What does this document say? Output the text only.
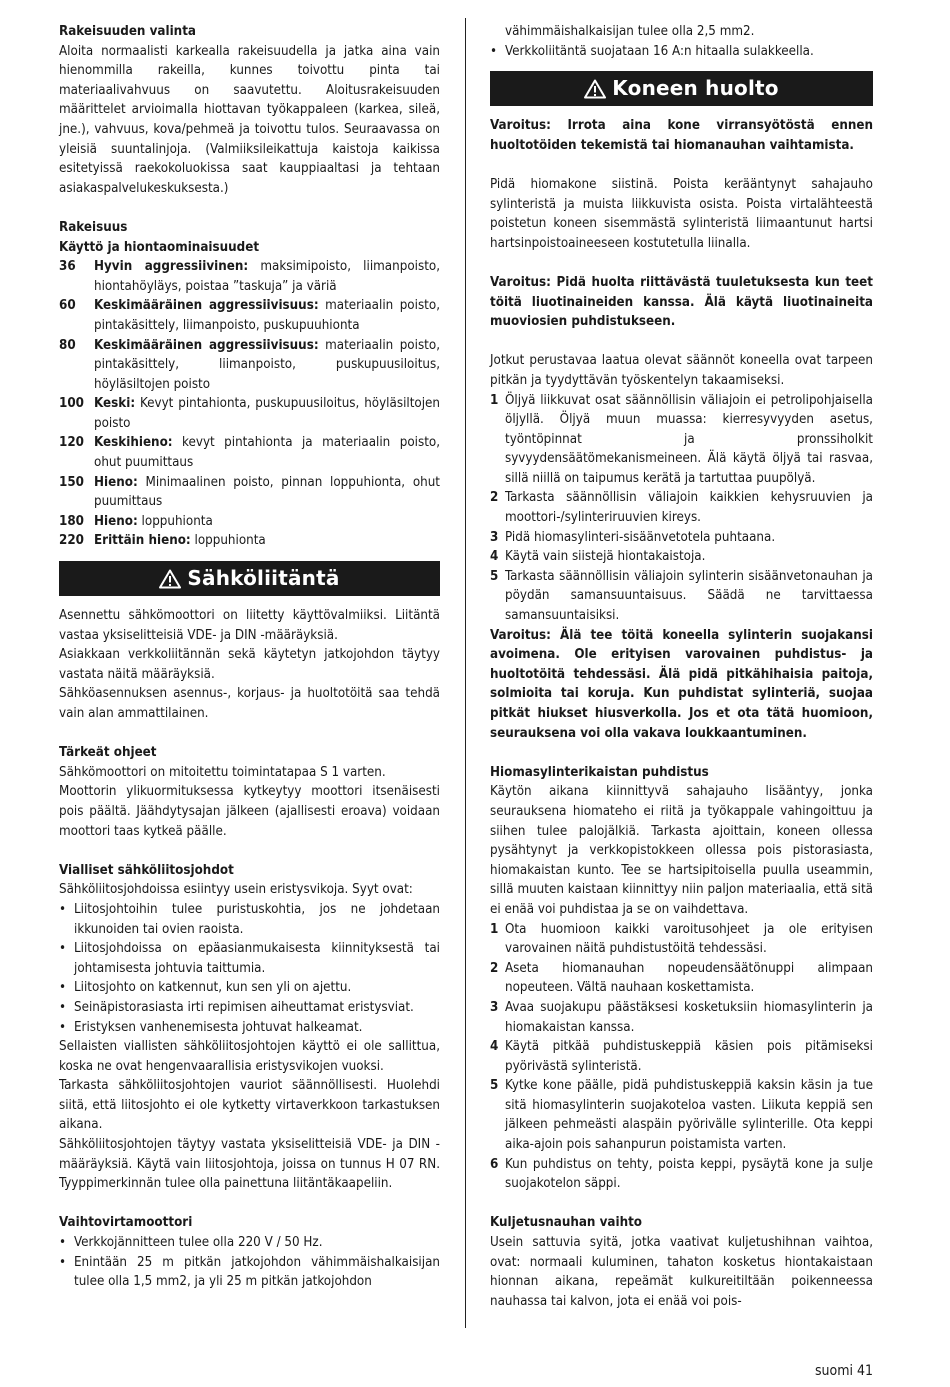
Rakeisuuden valinta

Aloita normaalisti karkealla rakeisuudella ja jatka aina vain hienommilla rakeilla, kunnes toivottu pinta tai materiaalivahvuus on saavutettu. Aloitusrakeisuuden määrittelet arvioimalla hiottavan työkappaleen (karkea, sileä, jne.), vahvuus, kova/pehmeä ja toivottu tulos. Seuraavassa on yleisiä suuntalinjoja. (Valmiiksileikattuja kaistoja kaikissa esitetyissä raekokoluokissa saat kauppiaaltasi ja tehtaan asiakaspalvelukeskuksesta.)

Rakeisuus

Käyttö ja hiontaominaisuudet

36	Hyvin aggressiivinen: maksimipoisto, liimanpoisto, hiontahöyläys, poistaa ”taskuja” ja väriä
60	Keskimääräinen aggressiivisuus: materiaalin poisto, pintakäsittely, liimanpoisto, puskupuuhionta
80	Keskimääräinen aggressiivisuus: materiaalin poisto, pintakäsittely, liimanpoisto, puskupuusiloitus, höyläsiltojen poisto
100 Keski: Kevyt pintahionta, puskupuusiloitus, höyläsiltojen poisto
120 Keskihieno: kevyt pintahionta ja materiaalin poisto, ohut puumittaus
150 Hieno: Minimaalinen poisto, pinnan loppuhionta, ohut puumittaus
180 Hieno: loppuhionta
220 Erittäin hieno: loppuhionta
Sähköliitäntä

Asennettu sähkömoottori on liitetty käyttövalmiiksi. Liitäntä vastaa yksiselitteisiä VDE- ja DIN -määräyksiä.

Asiakkaan verkkoliitännän sekä käytetyn jatkojohdon täytyy vastata näitä määräyksiä.

Sähköasennuksen asennus-, korjaus- ja huoltotöitä saa tehdä vain alan ammattilainen.

Tärkeät ohjeet

Sähkömoottori on mitoitettu toimintatapaa S 1 varten.

Moottorin ylikuormituksessa kytkeytyy moottori itsenäisesti pois päältä. Jäähdytysajan jälkeen (ajallisesti eroava) voidaan moottori taas kytkeä päälle.

Vialliset sähköliitosjohdot

Sähköliitosjohdoissa esiintyy usein eristysvikoja. Syyt ovat:

• Liitosjohtoihin tulee puristuskohtia, jos ne johdetaan ikkunoiden tai ovien raoista.
• Liitosjohdoissa on epäasianmukaisesta kiinnityksestä tai johtamisesta johtuvia taittumia.
• Liitosjohto on katkennut, kun sen yli on ajettu.
• Seinäpistorasiasta irti repimisen aiheuttamat eristysviat.
• Eristyksen vanhenemisesta johtuvat halkeamat.

Sellaisten viallisten sähköliitosjohtojen käyttö ei ole sallittua, koska ne ovat hengenvaarallisia eristysvikojen vuoksi.

Tarkasta sähköliitosjohtojen vauriot säännöllisesti. Huolehdi siitä, että liitosjohto ei ole kytketty virtaverkkoon tarkastuksen aikana.

Sähköliitosjohtojen täytyy vastata yksiselitteisiä VDE- ja DIN -määräyksiä. Käytä vain liitosjohtoja, joissa on tunnus H 07 RN. Tyyppimerkinnän tulee olla painettuna liitäntäkaapeliin.

Vaihtovirtamoottori

• Verkkojännitteen tulee olla 220 V / 50 Hz.
• Enintään 25 m pitkän jatkojohdon vähimmäishalkaisijan tulee olla 1,5 mm2, ja yli 25 m pitkän jatkojohdon
vähimmäishalkaisijan tulee olla 2,5 mm2.
• Verkkoliitäntä suojataan 16 A:n hitaalla sulakkeella.
Koneen huolto

Varoitus: Irrota aina kone virransyötöstä ennen huoltotöiden tekemistä tai hiomanauhan vaihtamista.

Pidä hiomakone siistinä. Poista kerääntynyt sahajauho sylinteristä ja muista liikkuvista osista. Poista virtalähteestä poistetun koneen sisemmästä sylinteristä liimaantunut hartsi hartsinpoistoaineeseen kostutetulla liinalla.

Varoitus: Pidä huolta riittävästä tuuletuksesta kun teet töitä liuotinaineiden kanssa. Älä käytä liuotinaineita muoviosien puhdistukseen.

Jotkut perustavaa laatua olevat säännöt koneella ovat tarpeen pitkän ja tyydyttävän työskentelyn takaamiseksi.

1 Öljyä liikkuvat osat säännöllisin väliajoin ei petrolipohjaisella öljyllä. Öljyä muun muassa: kierresyvyyden asetus, työntöpinnat ja pronssiholkit syvyydensäätömekanismeineen. Älä käytä öljyä tai rasvaa, sillä niillä on taipumus kerätä ja tartuttaa puupölyä.
2 Tarkasta säännöllisin väliajoin kaikkien kehysruuvien ja moottori-/sylinteriruuvien kireys.
3 Pidä hiomasylinteri-sisäänvetotela puhtaana.
4 Käytä vain siistejä hiontakaistoja.
5 Tarkasta säännöllisin väliajoin sylinterin sisäänvetonauhan ja pöydän samansuuntaisuus. Säädä ne tarvittaessa samansuuntaisiksi.

Varoitus: Älä tee töitä koneella sylinterin suojakansi avoimena. Ole erityisen varovainen puhdistus- ja huoltotöitä tehdessäsi. Älä pidä pitkähihaisia paitoja, solmioita tai koruja. Kun puhdistat sylinteriä, suojaa pitkät hiukset hiusverkolla. Jos et ota tätä huomioon, seurauksena voi olla vakava loukkaantuminen.

Hiomasylinterikaistan puhdistus

Käytön aikana kiinnittyvä sahajauho lisääntyy, jonka seurauksena hiomateho ei riitä ja työkappale vahingoittuu ja siihen tulee palojälkiä. Tarkasta ajoittain, koneen ollessa pysähtynyt ja verkkopistokkeen ollessa pois pistorasiasta, hiomakaistan kunto. Tee se hartsipitoisella puulla useammin, sillä muuten kaistaan kiinnittyy niin paljon materiaalia, että sitä ei enää voi puhdistaa ja se on vaihdettava.

1 Ota huomioon kaikki varoitusohjeet ja ole erityisen varovainen näitä puhdistustöitä tehdessäsi.
2 Aseta hiomanauhan nopeudensäätönuppi alimpaan nopeuteen. Vältä nauhaan koskettamista.
3 Avaa suojakupu päästäksesi kosketuksiin hiomasylinterin ja hiomakaistan kanssa.
4 Käytä pitkää puhdistuskeppiä käsien pois pitämiseksi pyörivästä sylinteristä.
5 Kytke kone päälle, pidä puhdistuskeppiä kaksin käsin ja tue sitä hiomasylinterin suojakoteloa vasten. Liikuta keppiä sen jälkeen pehmeästi alaspäin pyörivälle sylinterille. Ota keppi aika-ajoin pois sahanpurun poistamista varten.
6 Kun puhdistus on tehty, poista keppi, pysäytä kone ja sulje suojakotelon säppi.

Kuljetusnauhan vaihto

Usein sattuvia syitä, jotka vaativat kuljetushihnan vaihtoa, ovat: normaali kuluminen, tahaton kosketus hiontakaistaan hionnan aikana, repeämät kulkureitiltään poikenneessa nauhassa tai kalvon, jota ei enää voi pois-

suomi 41
